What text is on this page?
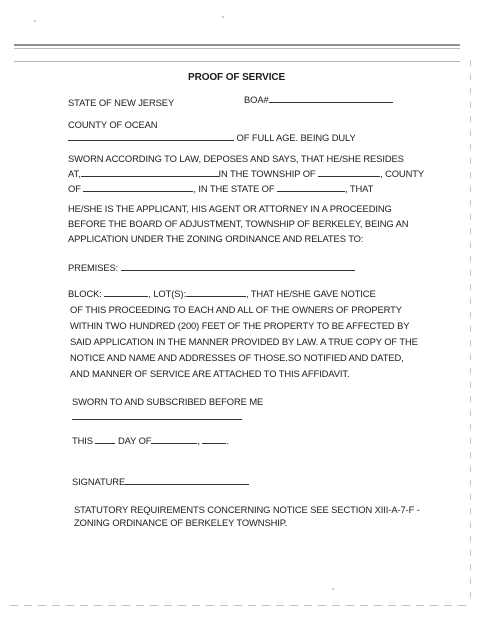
PROOF OF SERVICE
STATE OF NEW JERSEY	BOA#
COUNTY OF OCEAN
OF FULL AGE. BEING DULY
SWORN ACCORDING TO LAW, DEPOSES AND SAYS, THAT HE/SHE RESIDES
AT,	IN THE TOWNSHIP OF	, COUNTY
OF	, IN THE STATE OF	, THAT
HE/SHE IS THE APPLICANT, HIS AGENT OR ATTORNEY IN A PROCEEDING
BEFORE THE BOARD OF ADJUSTMENT, TOWNSHIP OF BERKELEY, BEING AN
APPLICATION UNDER THE ZONING ORDINANCE AND RELATES TO:
PREMISES:
BLOCK:	, LOT(S):	, THAT HE/SHE GAVE NOTICE
OF THIS PROCEEDING TO EACH AND ALL OF THE OWNERS OF PROPERTY
WITHIN TWO HUNDRED (200) FEET OF THE PROPERTY TO BE AFFECTED BY
SAID APPLICATION IN THE MANNER PROVIDED BY LAW. A TRUE COPY OF THE
NOTICE AND NAME AND ADDRESSES OF THOSE.SO NOTIFIED AND DATED,
AND MANNER OF SERVICE ARE ATTACHED TO THIS AFFIDAVIT.
SWORN TO AND SUBSCRIBED BEFORE ME
THIS	DAY OF	,	.
SIGNATURE
STATUTORY REQUIREMENTS CONCERNING NOTICE SEE SECTION XIII-A-7-F -
ZONING ORDINANCE OF BERKELEY TOWNSHIP.
